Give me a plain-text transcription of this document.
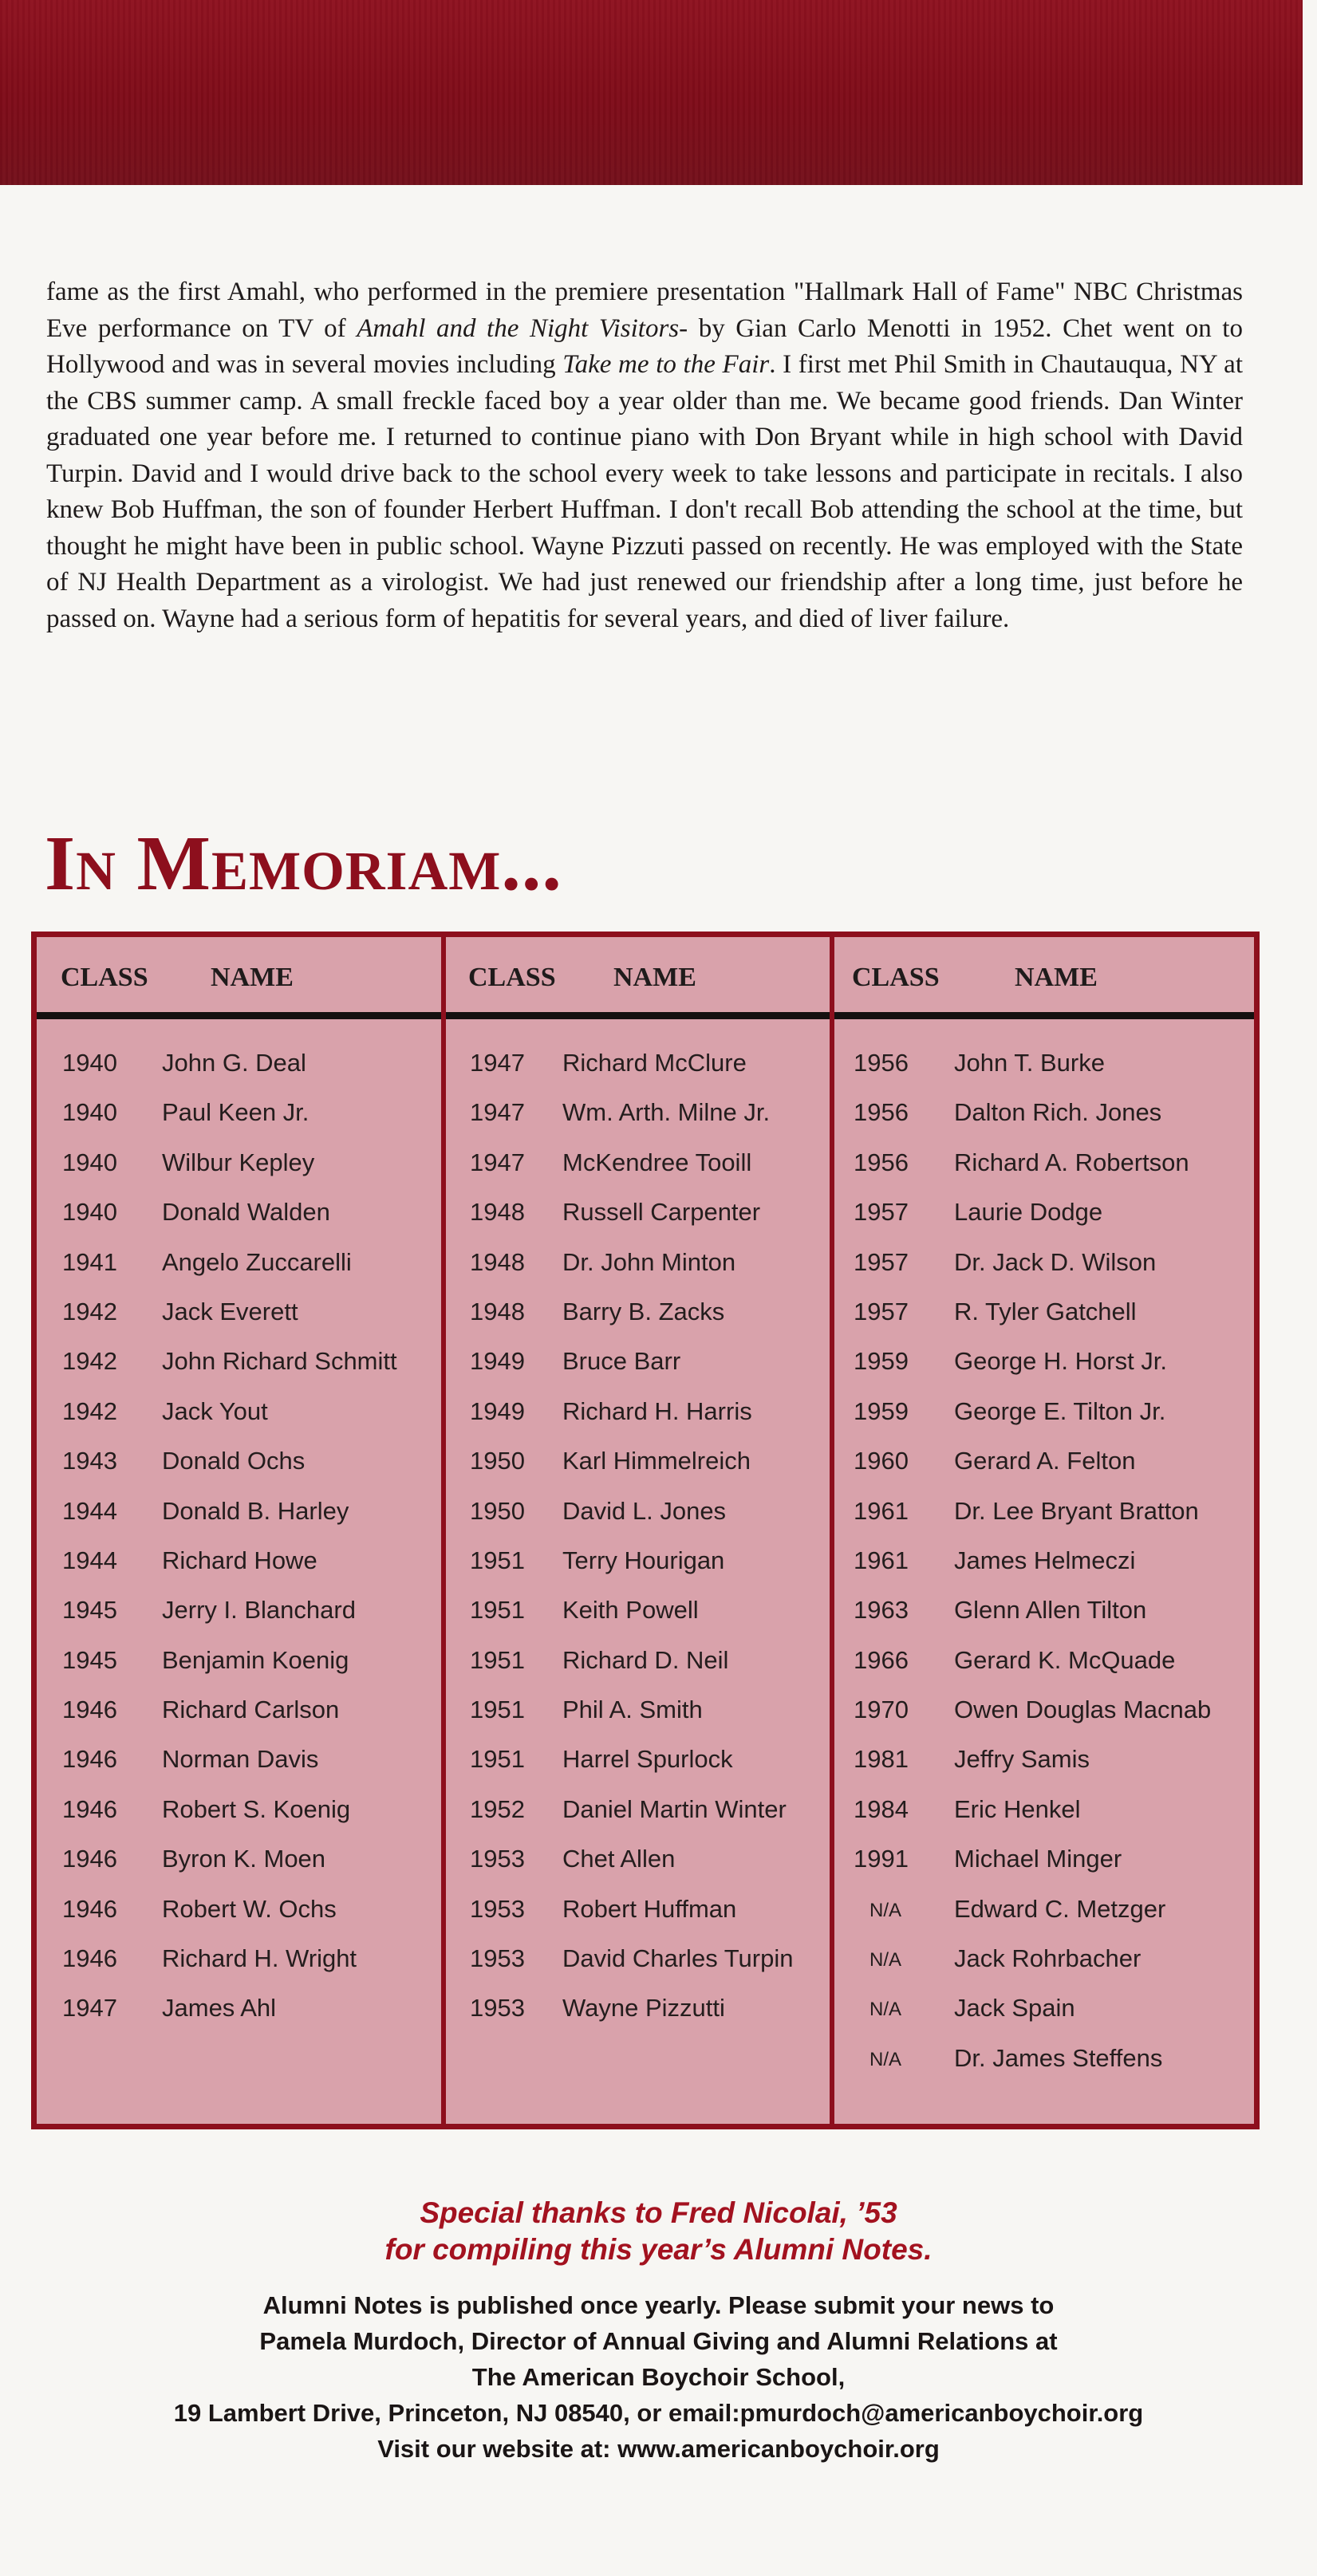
fame as the first Amahl, who performed in the premiere presentation "Hallmark Hall of Fame" NBC Christmas Eve performance on TV of Amahl and the Night Visitors- by Gian Carlo Menotti in 1952. Chet went on to Hollywood and was in several movies including Take me to the Fair. I first met Phil Smith in Chautauqua, NY at the CBS summer camp. A small freckle faced boy a year older than me. We became good friends. Dan Winter graduated one year before me. I returned to continue piano with Don Bryant while in high school with David Turpin. David and I would drive back to the school every week to take lessons and participate in recitals. I also knew Bob Huffman, the son of founder Herbert Huffman. I don't recall Bob attending the school at the time, but thought he might have been in public school. Wayne Pizzuti passed on recently. He was employed with the State of NJ Health Department as a virologist. We had just renewed our friendship after a long time, just before he passed on. Wayne had a serious form of hepatitis for several years, and died of liver failure.

In Memoriam...
CLASS NAME
1940 John G. Deal
1940 Paul Keen Jr.
1940 Wilbur Kepley
1940 Donald Walden
1941 Angelo Zuccarelli
1942 Jack Everett
1942 John Richard Schmitt
1942 Jack Yout
1943 Donald Ochs
1944 Donald B. Harley
1944 Richard Howe
1945 Jerry I. Blanchard
1945 Benjamin Koenig
1946 Richard Carlson
1946 Norman Davis
1946 Robert S. Koenig
1946 Byron K. Moen
1946 Robert W. Ochs
1946 Richard H. Wright
1947 James Ahl
CLASS NAME
1947 Richard McClure
1947 Wm. Arth. Milne Jr.
1947 McKendree Tooill
1948 Russell Carpenter
1948 Dr. John Minton
1948 Barry B. Zacks
1949 Bruce Barr
1949 Richard H. Harris
1950 Karl Himmelreich
1950 David L. Jones
1951 Terry Hourigan
1951 Keith Powell
1951 Richard D. Neil
1951 Phil A. Smith
1951 Harrel Spurlock
1952 Daniel Martin Winter
1953 Chet Allen
1953 Robert Huffman
1953 David Charles Turpin
1953 Wayne Pizzutti
CLASS	NAME
1956 John T. Burke
1956 Dalton Rich. Jones
1956 Richard A. Robertson
1957 Laurie Dodge
1957 Dr. Jack D. Wilson
1957 R. Tyler Gatchell
1959 George H. Horst Jr.
1959 George E. Tilton Jr.
1960 Gerard A. Felton
1961 Dr. Lee Bryant Bratton
1961 James Helmeczi
1963 Glenn Allen Tilton
1966 Gerard K. McQuade
1970 Owen Douglas Macnab
1981 Jeffry Samis
1984 Eric Henkel
1991 Michael Minger
N/A Edward C. Metzger
N/A Jack Rohrbacher
N/A Jack Spain
N/A Dr. James Steffens
Special thanks to Fred Nicolai, ’53
for compiling this year’s Alumni Notes.
Alumni Notes is published once yearly. Please submit your news to
Pamela Murdoch, Director of Annual Giving and Alumni Relations at
The American Boychoir School,
19 Lambert Drive, Princeton, NJ 08540, or email:pmurdoch@americanboychoir.org
Visit our website at: www.americanboychoir.org
